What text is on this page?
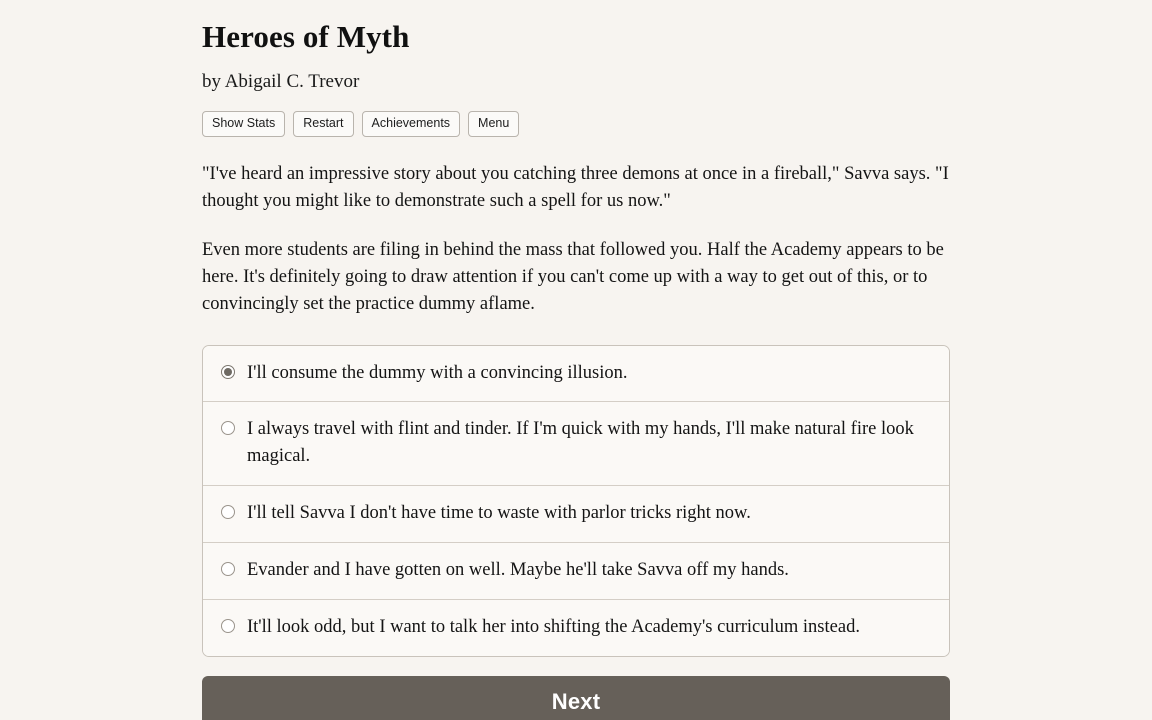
Heroes of Myth
by Abigail C. Trevor
Show Stats	Restart	Achievements	Menu

"I've heard an impressive story about you catching three demons at once in a fireball," Savva says. "I thought you might like to demonstrate such a spell for us now."

Even more students are filing in behind the mass that followed you. Half the Academy appears to be here. It's definitely going to draw attention if you can't come up with a way to get out of this, or to convincingly set the practice dummy aflame.

I'll consume the dummy with a convincing illusion.
I always travel with flint and tinder. If I'm quick with my hands, I'll make natural fire look magical.
I'll tell Savva I don't have time to waste with parlor tricks right now.
Evander and I have gotten on well. Maybe he'll take Savva off my hands.
It'll look odd, but I want to talk her into shifting the Academy's curriculum instead.
Next
